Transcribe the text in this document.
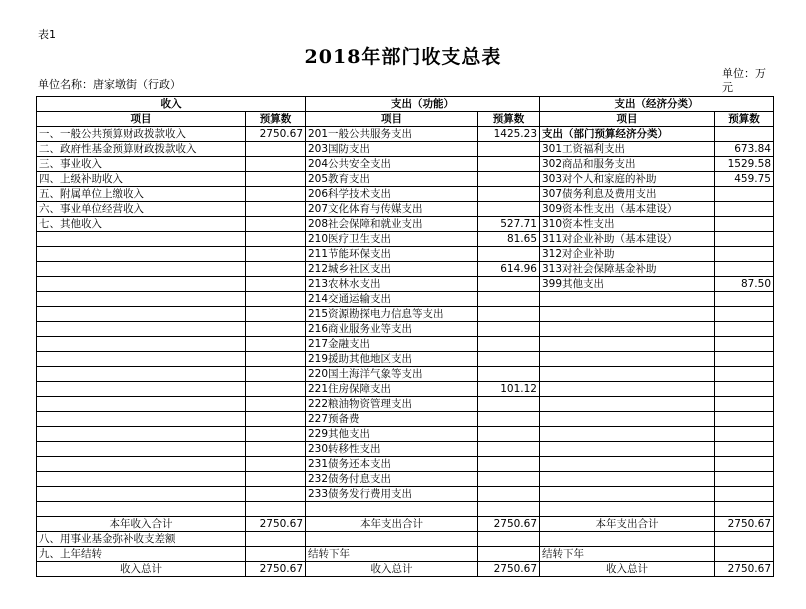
表1
2018年部门收支总表
单位名称：唐家墩街（行政）
单位：万元
收入		支出（功能）		支出（经济分类）	
项目	预算数	项目	预算数	项目	预算数
一、一般公共预算财政拨款收入	2750.67	201一般公共服务支出	1425.23	支出（部门预算经济分类）	
二、政府性基金预算财政拨款收入		203国防支出		301工资福利支出	673.84
三、事业收入		204公共安全支出		302商品和服务支出	1529.58
四、上级补助收入		205教育支出		303对个人和家庭的补助	459.75
五、附属单位上缴收入		206科学技术支出		307债务利息及费用支出	
六、事业单位经营收入		207文化体育与传媒支出		309资本性支出（基本建设）	
七、其他收入		208社会保障和就业支出	527.71	310资本性支出	
		210医疗卫生支出	81.65	311对企业补助（基本建设）	
		211节能环保支出		312对企业补助	
		212城乡社区支出	614.96	313对社会保障基金补助	
		213农林水支出		399其他支出	87.50
		214交通运输支出			
		215资源勘探电力信息等支出			
		216商业服务业等支出			
		217金融支出			
		219援助其他地区支出			
		220国土海洋气象等支出			
		221住房保障支出	101.12		
		222粮油物资管理支出			
		227预备费			
		229其他支出			
		230转移性支出			
		231债务还本支出			
		232债务付息支出			
		233债务发行费用支出			

本年收入合计	2750.67	本年支出合计	2750.67	本年支出合计	2750.67
八、用事业基金弥补收支差额					
九、上年结转		结转下年		结转下年	
收入总计	2750.67	收入总计	2750.67	收入总计	2750.67
